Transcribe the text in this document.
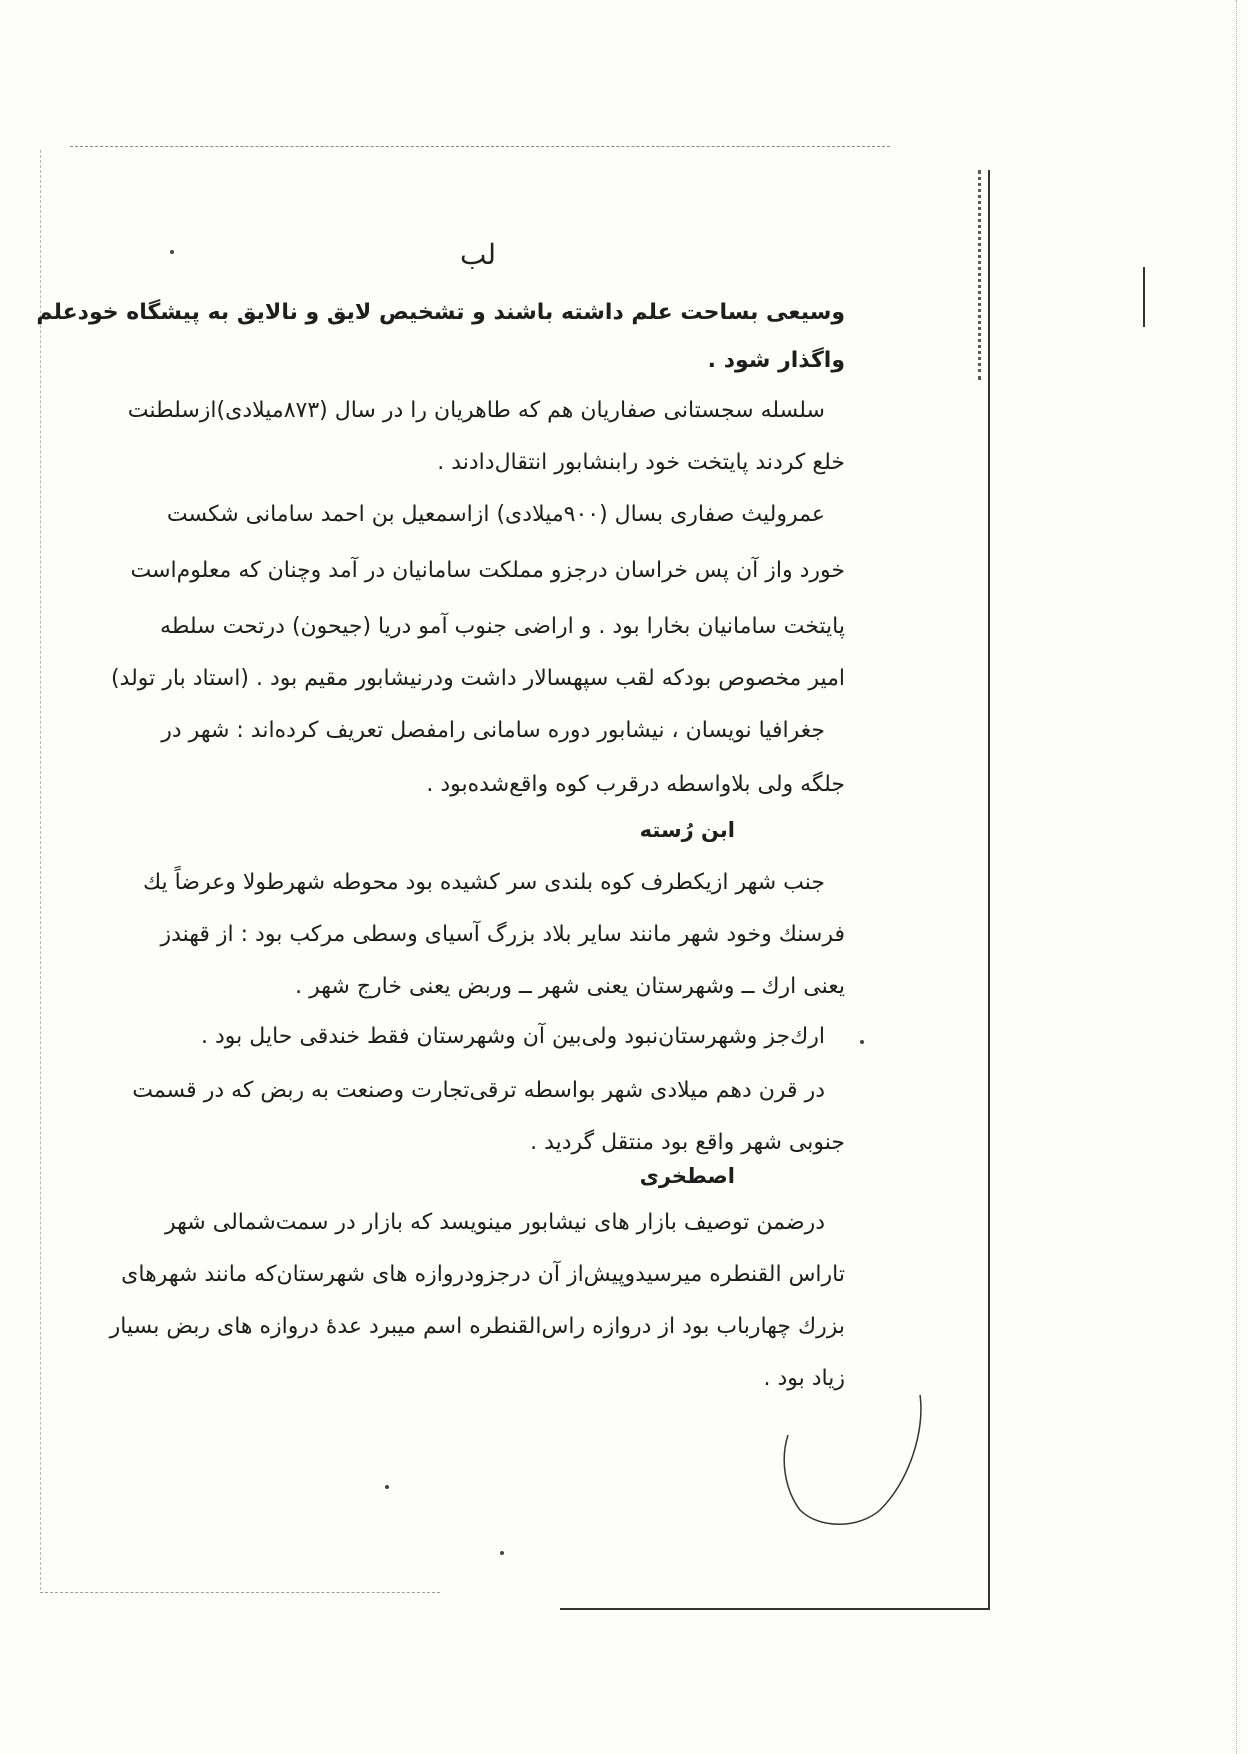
لب
وسیعی بساحت علم داشته باشند و تشخیص لایق و نالایق به پیشگاه خودعلم
واگذار شود .
سلسله سجستانی صفاریان هم که طاهریان را در سال (۸۷۳میلادی)ازسلطنت
خلع کردند پایتخت خود رابنشابور انتقال‌دادند .
عمرولیث صفاری بسال (۹۰۰میلادی) ازاسمعیل بن احمد سامانی شکست
خورد واز آن پس خراسان درجزو مملکت سامانیان در آمد وچنان که معلوم‌است
پایتخت سامانیان بخارا بود . و اراضی جنوب آمو دریا (جیحون) درتحت سلطه
امیر مخصوص بودکه لقب سپهسالار داشت ودرنیشابور مقیم بود . (استاد بار تولد)
جغرافیا نویسان ، نیشابور دوره سامانی رامفصل تعریف کرده‌اند : شهر در
جلگه ولی بلاواسطه درقرب کوه واقع‌شده‌بود .
ابن رُسته
جنب شهر ازیکطرف کوه بلندی سر کشیده بود محوطه شهرطولا وعرضاً یك
فرسنك وخود شهر مانند سایر بلاد بزرگ آسیای وسطی مرکب بود : از قهندز
یعنی ارك ــ وشهرستان یعنی شهر ــ وربض یعنی خارج شهر .
ارك‌جز وشهرستان‌نبود ولی‌بین آن وشهرستان فقط خندقی حایل بود .
در قرن دهم میلادی شهر بواسطه ترقی‌تجارت وصنعت به ربض که در قسمت
جنوبی شهر واقع بود منتقل گردید .
اصطخری
درضمن توصیف بازار های نیشابور مینویسد که بازار در سمت‌شمالی شهر
تاراس القنطره میرسیدوپیش‌از آن درجزودروازه های شهرستان‌که مانند شهرهای
بزرك چهارباب بود از دروازه راس‌القنطره اسم میبرد عدهٔ دروازه های ربض بسیار
زیاد بود .
